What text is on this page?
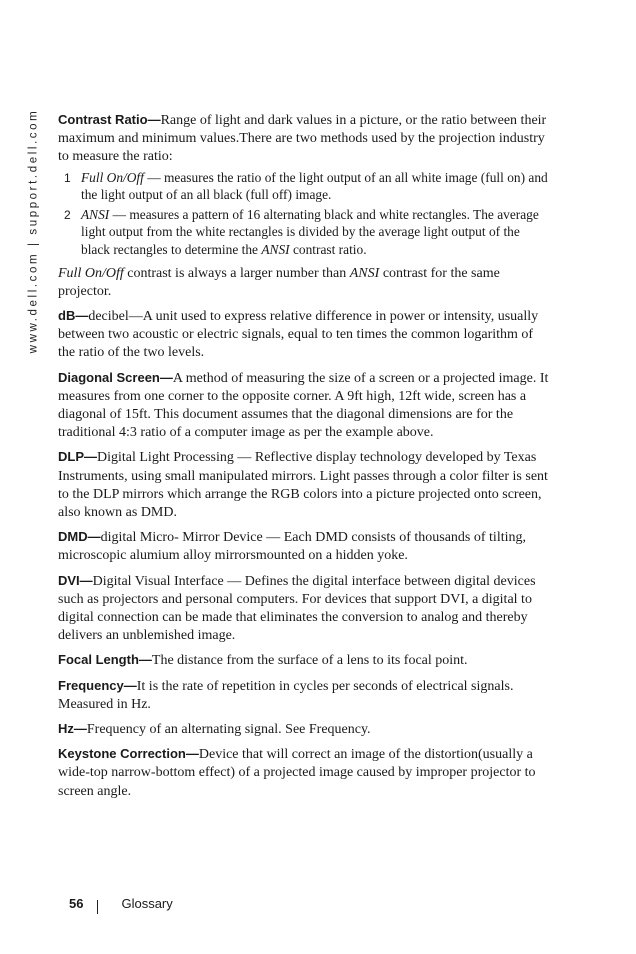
www.dell.com | support.dell.com Contrast Ratio—Range of light and dark values in a picture, or the ratio between their maximum and minimum values.There are two methods used by the projection industry to measure the ratio:

1 Full On/Off — measures the ratio of the light output of an all white image (full on) and the light output of an all black (full off) image.
2 ANSI — measures a pattern of 16 alternating black and white rectangles. The average light output from the white rectangles is divided by the average light output of the black rectangles to determine the ANSI contrast ratio.

Full On/Off contrast is always a larger number than ANSI contrast for the same projector.

dB—decibel—A unit used to express relative difference in power or intensity, usually between two acoustic or electric signals, equal to ten times the common logarithm of the ratio of the two levels.

Diagonal Screen—A method of measuring the size of a screen or a projected image. It measures from one corner to the opposite corner. A 9ft high, 12ft wide, screen has a diagonal of 15ft. This document assumes that the diagonal dimensions are for the traditional 4:3 ratio of a computer image as per the example above.

DLP—Digital Light Processing — Reflective display technology developed by Texas Instruments, using small manipulated mirrors. Light passes through a color filter is sent to the DLP mirrors which arrange the RGB colors into a picture projected onto screen, also known as DMD.

DMD—digital Micro- Mirror Device — Each DMD consists of thousands of tilting, microscopic alumium alloy mirrorsmounted on a hidden yoke.

DVI—Digital Visual Interface — Defines the digital interface between digital devices such as projectors and personal computers. For devices that support DVI, a digital to digital connection can be made that eliminates the conversion to analog and thereby delivers an unblemished image.

Focal Length—The distance from the surface of a lens to its focal point.

Frequency—It is the rate of repetition in cycles per seconds of electrical signals. Measured in Hz.

Hz—Frequency of an alternating signal. See Frequency.

Keystone Correction—Device that will correct an image of the distortion(usually a wide-top narrow-bottom effect) of a projected image caused by improper projector to screen angle.

56	Glossary
